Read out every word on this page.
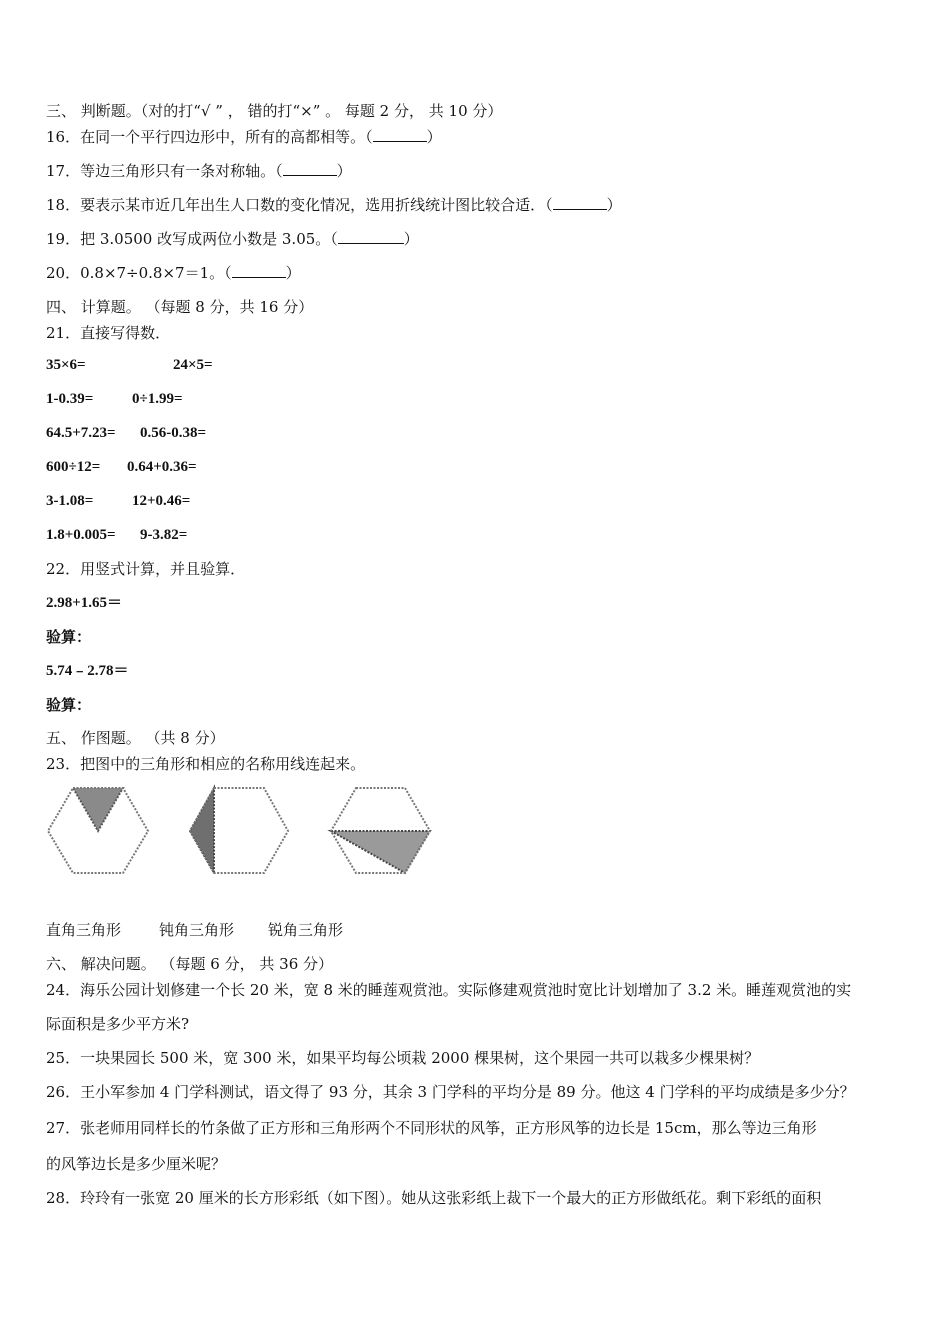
三、 判断题。（对的打“√ ” ， 错的打“×” 。 每题 2 分， 共 10 分）
16．在同一个平行四边形中，所有的高都相等。（	）
17．等边三角形只有一条对称轴。（	）
18．要表示某市近几年出生人口数的变化情况，选用折线统计图比较合适．（	）
19．把 3.0500 改写成两位小数是 3.05。（	）
20．0.8×7÷0.8×7＝1。（	）
四、 计算题。 （每题 8 分，共 16 分）
21．直接写得数．
35×6=	24×5=
1-0.39=	0÷1.99=
64.5+7.23= 0.56-0.38=
600÷12= 0.64+0.36=
3-1.08=	12+0.46=
1.8+0.005= 9-3.82=
22．用竖式计算，并且验算．
2.98+1.65＝
验算：
5.74﹣2.78＝
验算：
五、 作图题。 （共 8 分）
23．把图中的三角形和相应的名称用线连起来。
直角三角形	钝角三角形 锐角三角形
六、 解决问题。 （每题 6 分， 共 36 分）
24．海乐公园计划修建一个长 20 米，宽 8 米的睡莲观赏池。实际修建观赏池时宽比计划增加了 3.2 米。睡莲观赏池的实
际面积是多少平方米?
25．一块果园长 500 米，宽 300 米，如果平均每公顷栽 2000 棵果树，这个果园一共可以栽多少棵果树？
26．王小军参加 4 门学科测试，语文得了 93 分，其余 3 门学科的平均分是 89 分。他这 4 门学科的平均成绩是多少分？
27．张老师用同样长的竹条做了正方形和三角形两个不同形状的风筝，正方形风筝的边长是 15cm，那么等边三角形
的风筝边长是多少厘米呢？
28．玲玲有一张宽 20 厘米的长方形彩纸（如下图）。她从这张彩纸上裁下一个最大的正方形做纸花。剩下彩纸的面积
